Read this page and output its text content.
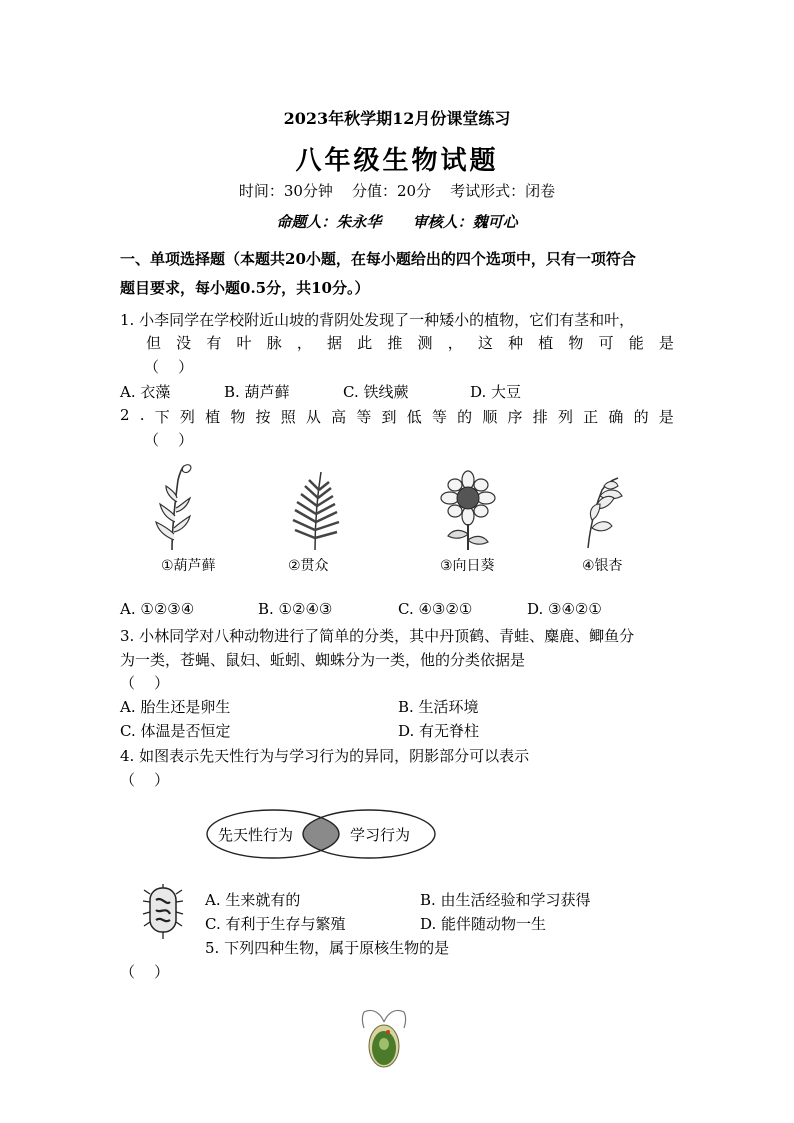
2023年秋学期12月份课堂练习
八年级生物试题
时间：30分钟    分值：20分    考试形式：闭卷
命题人：朱永华      审核人：魏可心
一、单项选择题（本题共20小题，在每小题给出的四个选项中，只有一项符合
题目要求，每小题0.5分，共10分。）
1. 小李同学在学校附近山坡的背阴处发现了一种矮小的植物，它们有茎和叶，
但 没 有 叶 脉 ， 据 此 推 测 ， 这 种 植 物 可 能 是
（    ）
A. 衣藻	B. 葫芦藓	C. 铁线蕨	D. 大豆
2 . 下 列 植 物 按 照 从 高 等 到 低 等 的 顺 序 排 列 正 确 的 是
（    ）
①葫芦藓	②贯众	③向日葵	④银杏
A. ①②③④	B. ①②④③	C. ④③②①	D. ③④②①
3. 小林同学对八种动物进行了简单的分类，其中丹顶鹤、青蛙、麋鹿、鲫鱼分
为一类，苍蝇、鼠妇、蚯蚓、蜘蛛分为一类，他的分类依据是
（    ）
A. 胎生还是卵生	B. 生活环境
C. 体温是否恒定	D. 有无脊柱
4. 如图表示先天性行为与学习行为的异同，阴影部分可以表示
（    ）
先天性行为	学习行为
A. 生来就有的	B. 由生活经验和学习获得
C. 有利于生存与繁殖	D. 能伴随动物一生
5. 下列四种生物，属于原核生物的是
（    ）
